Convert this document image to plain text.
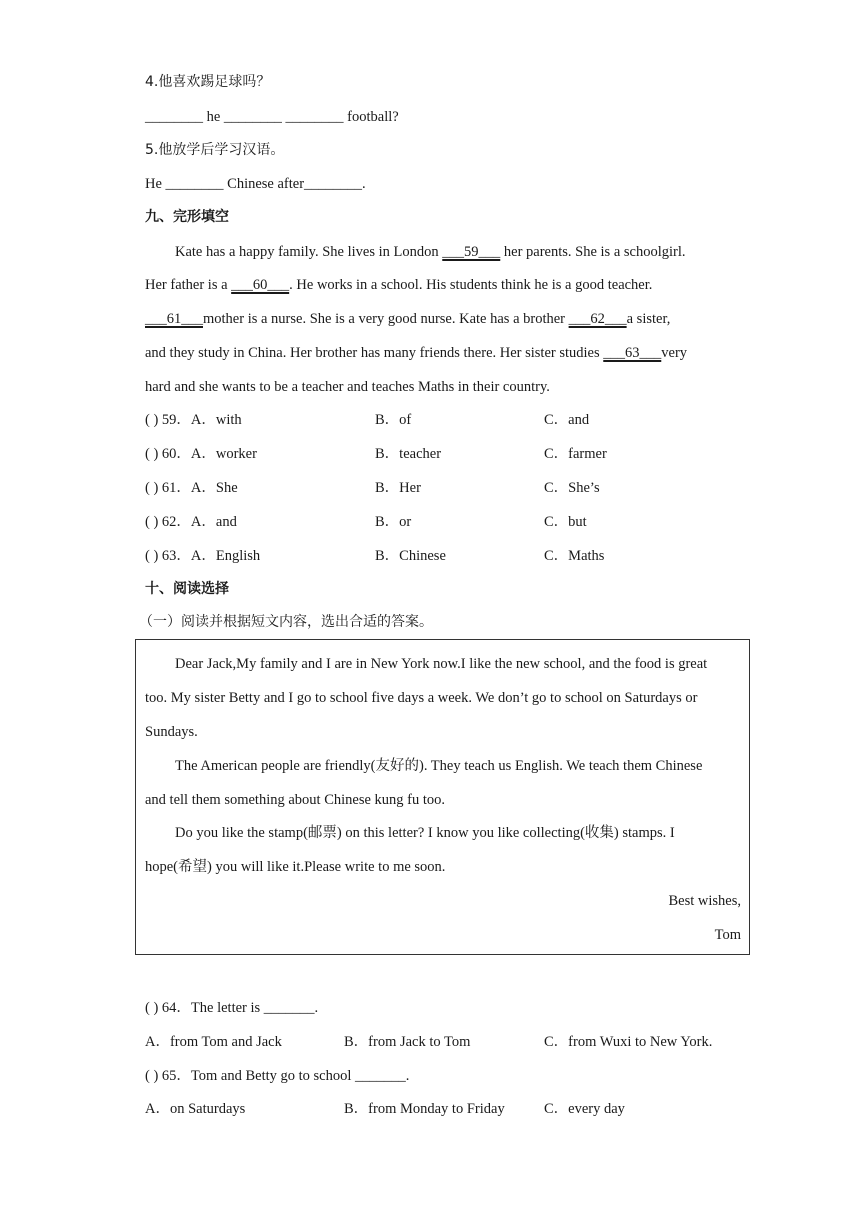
4.他喜欢踢足球吗？
________ he ________ ________ football?
5.他放学后学习汉语。
He ________ Chinese after________.
九、完形填空
Kate has a happy family. She lives in London ___59___ her parents. She is a schoolgirl.
Her father is a ___60___. He works in a school. His students think he is a good teacher.
___61___mother is a nurse. She is a very good nurse. Kate has a brother ___62___a sister,
and they study in China. Her brother has many friends there. Her sister studies ___63___very
hard and she wants to be a teacher and teaches Maths in their country.
( ) 59．A．with	B．of	C．and
( ) 60．A．worker	B．teacher	C．farmer
( ) 61．A．She	B．Her	C．She’s
( ) 62．A．and	B．or	C．but
( ) 63．A．English	B．Chinese	C．Maths
十、阅读选择
（一）阅读并根据短文内容，选出合适的答案。
Dear Jack,My family and I are in New York now.I like the new school, and the food is great
too. My sister Betty and I go to school five days a week. We don’t go to school on Saturdays or
Sundays.
The American people are friendly(友好的). They teach us English. We teach them Chinese
and tell them something about Chinese kung fu too.
Do you like the stamp(邮票) on this letter? I know you like collecting(收集) stamps. I
hope(希望) you will like it.Please write to me soon.
Best wishes,
Tom
( ) 64．The letter is _______.
A．from Tom and Jack	B．from Jack to Tom	C．from Wuxi to New York.
( ) 65．Tom and Betty go to school _______.
A．on Saturdays	B．from Monday to Friday	C．every day
